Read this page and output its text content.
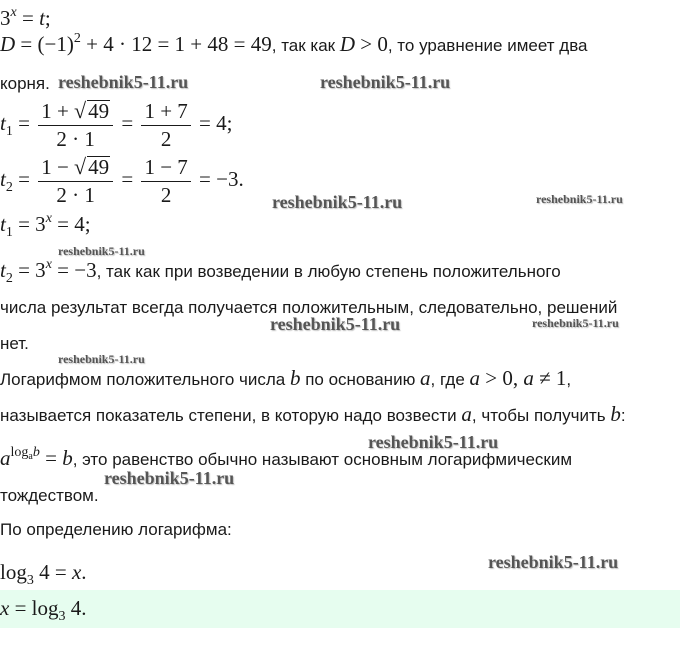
$3^x = t$;
$D = (-1)^2 + 4 \cdot 12 = 1 + 48 = 49$, так как D > 0, то уравнение имеет два
корня.
$t_1 = \frac{1 + √ 49}{2 \cdot 1} = \frac{1 + 7}{2} = 4$;
$t_2 = \frac{1 - √ 49}{2 \cdot 1} = \frac{1 - 7}{2} = -3$.
$t_1 = 3^x = 4$;
$t_2 = 3^x = -3$, так как при возведении в любую степень положительного
числа результат всегда получается положительным, следовательно, решений
нет.
Логарифмом положительного числа b по основанию a, где a > 0, a ≠ 1,
называется показатель степени, в которую надо возвести a, чтобы получить b:
$a^{log_ab} = b$, это равенство обычно называют основным логарифмическим
тождеством.
По определению логарифма:
$\log_3 4 = x$.
$x = \log_3 4$.
reshebnik5-11.ru	reshebnik5-11.ru
reshebnik5-11.ru	reshebnik5-11.ru
reshebnik5-11.ru
reshebnik5-11.ru	reshebnik5-11.ru
reshebnik5-11.ru
reshebnik5-11.ru
reshebnik5-11.ru
reshebnik5-11.ru
